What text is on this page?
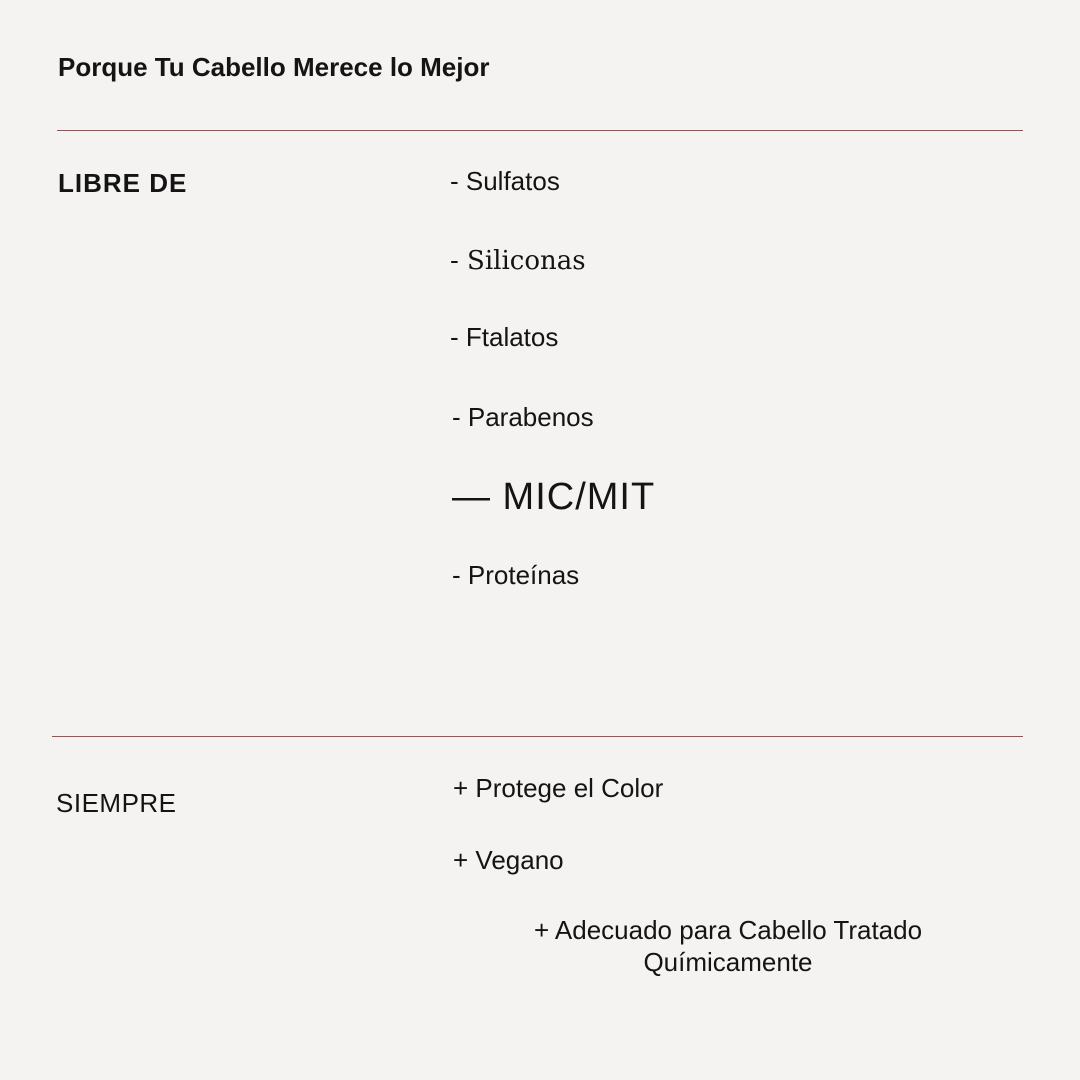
Porque Tu Cabello Merece lo Mejor
LIBRE DE	- Sulfatos
- Siliconas
- Ftalatos
- Parabenos
— MIC/MIT
- Proteínas
SIEMPRE	+ Protege el Color
+ Vegano
+ Adecuado para Cabello Tratado Químicamente
